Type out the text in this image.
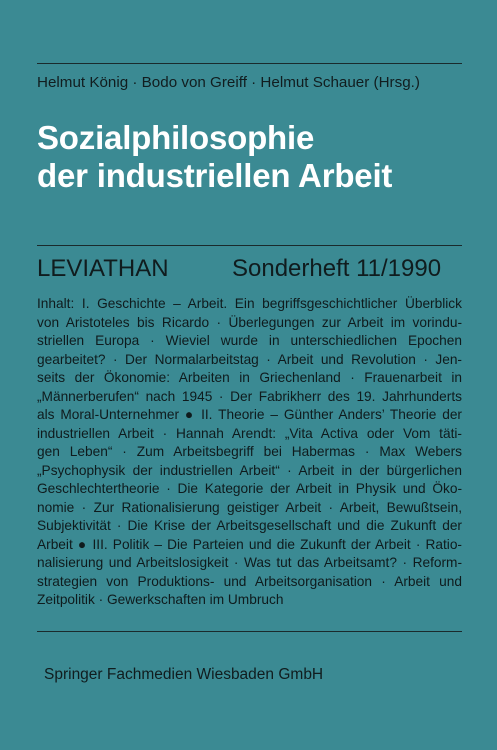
Helmut König · Bodo von Greiff · Helmut Schauer (Hrsg.)
Sozialphilosophie
der industriellen Arbeit
LEVIATHAN	Sonderheft 11/1990
Inhalt: I. Geschichte – Arbeit. Ein begriffsgeschichtlicher Überblick
von Aristoteles bis Ricardo · Überlegungen zur Arbeit im vorindu-
striellen Europa · Wieviel wurde in unterschiedlichen Epochen
gearbeitet? · Der Normalarbeitstag · Arbeit und Revolution · Jen-
seits der Ökonomie: Arbeiten in Griechenland · Frauenarbeit in
„Männerberufen“ nach 1945 · Der Fabrikherr des 19. Jahrhunderts
als Moral-Unternehmer ● II. Theorie – Günther Anders’ Theorie der
industriellen Arbeit · Hannah Arendt: „Vita Activa oder Vom täti-
gen Leben“ · Zum Arbeitsbegriff bei Habermas · Max Webers
„Psychophysik der industriellen Arbeit“ · Arbeit in der bürgerlichen
Geschlechtertheorie · Die Kategorie der Arbeit in Physik und Öko-
nomie · Zur Rationalisierung geistiger Arbeit · Arbeit, Bewußtsein,
Subjektivität · Die Krise der Arbeitsgesellschaft und die Zukunft der
Arbeit ● III. Politik – Die Parteien und die Zukunft der Arbeit · Ratio-
nalisierung und Arbeitslosigkeit · Was tut das Arbeitsamt? · Reform-
strategien von Produktions- und Arbeitsorganisation · Arbeit und
Zeitpolitik · Gewerkschaften im Umbruch
Springer Fachmedien Wiesbaden GmbH
